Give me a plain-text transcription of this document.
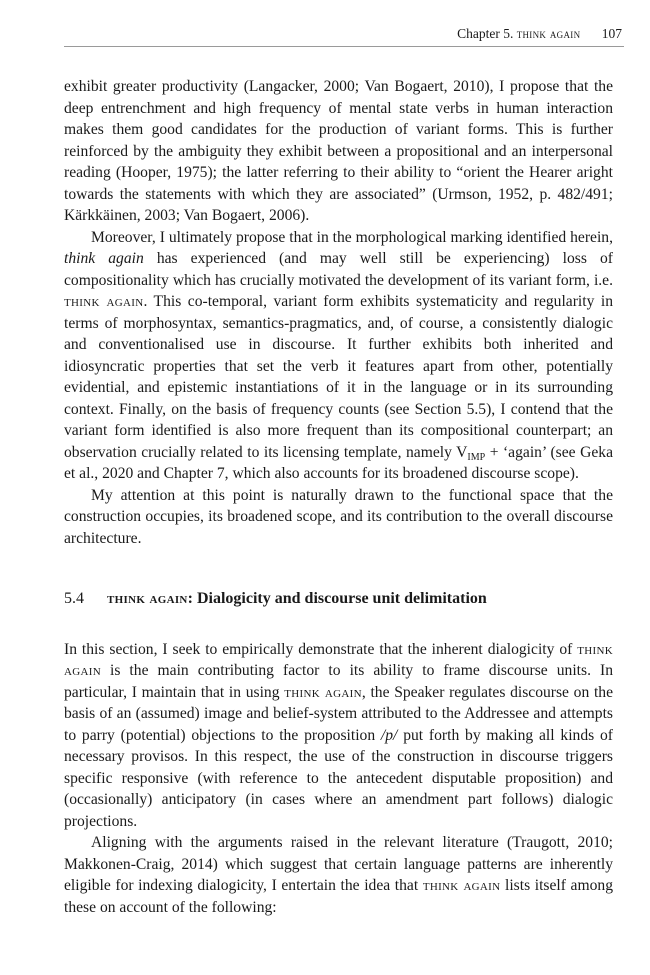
Chapter 5. think again 107

exhibit greater productivity (Langacker, 2000; Van Bogaert, 2010), I propose that the deep entrenchment and high frequency of mental state verbs in human interaction makes them good candidates for the production of variant forms. This is further reinforced by the ambiguity they exhibit between a propositional and an interpersonal reading (Hooper, 1975); the latter referring to their ability to “orient the Hearer aright towards the statements with which they are associated” (Urmson, 1952, p. 482/491; Kärkkäinen, 2003; Van Bogaert, 2006).

Moreover, I ultimately propose that in the morphological marking identified herein, think again has experienced (and may well still be experiencing) loss of compositionality which has crucially motivated the development of its variant form, i.e. think again. This co-temporal, variant form exhibits systematicity and regularity in terms of morphosyntax, semantics-pragmatics, and, of course, a consistently dialogic and conventionalised use in discourse. It further exhibits both inherited and idiosyncratic properties that set the verb it features apart from other, potentially evidential, and epistemic instantiations of it in the language or in its surrounding context. Finally, on the basis of frequency counts (see Section 5.5), I contend that the variant form identified is also more frequent than its compositional counterpart; an observation crucially related to its licensing template, namely $V_{IMP}$ + ‘again’ (see Geka et al., 2020 and Chapter 7, which also accounts for its broadened discourse scope).

My attention at this point is naturally drawn to the functional space that the construction occupies, its broadened scope, and its contribution to the overall discourse architecture.

5.4 think again: Dialogicity and discourse unit delimitation

In this section, I seek to empirically demonstrate that the inherent dialogicity of think again is the main contributing factor to its ability to frame discourse units. In particular, I maintain that in using think again, the Speaker regulates discourse on the basis of an (assumed) image and belief-system attributed to the Addressee and attempts to parry (potential) objections to the proposition /p/ put forth by making all kinds of necessary provisos. In this respect, the use of the construction in discourse triggers specific responsive (with reference to the antecedent disputable proposition) and (occasionally) anticipatory (in cases where an amendment part follows) dialogic projections.

Aligning with the arguments raised in the relevant literature (Traugott, 2010; Makkonen-Craig, 2014) which suggest that certain language patterns are inherently eligible for indexing dialogicity, I entertain the idea that think again lists itself among these on account of the following:
